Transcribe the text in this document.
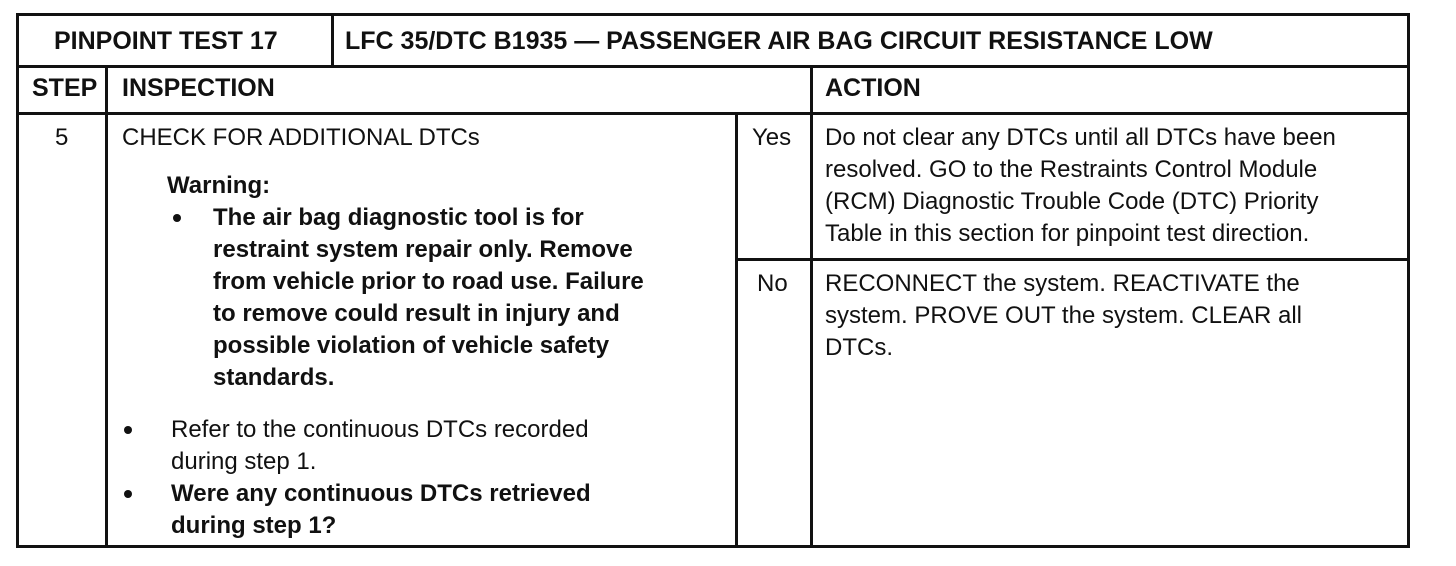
PINPOINT TEST 17	LFC 35/DTC B1935 — PASSENGER AIR BAG CIRCUIT RESISTANCE LOW
STEP INSPECTION	ACTION
5 CHECK FOR ADDITIONAL DTCs
Warning:
The air bag diagnostic tool is for
restraint system repair only. Remove
from vehicle prior to road use. Failure
to remove could result in injury and
possible violation of vehicle safety
standards.
Refer to the continuous DTCs recorded
during step 1.
Were any continuous DTCs retrieved
during step 1?
Yes
No
Do not clear any DTCs until all DTCs have been
resolved. GO to the Restraints Control Module
(RCM) Diagnostic Trouble Code (DTC) Priority
Table in this section for pinpoint test direction.
RECONNECT the system. REACTIVATE the
system. PROVE OUT the system. CLEAR all
DTCs.
